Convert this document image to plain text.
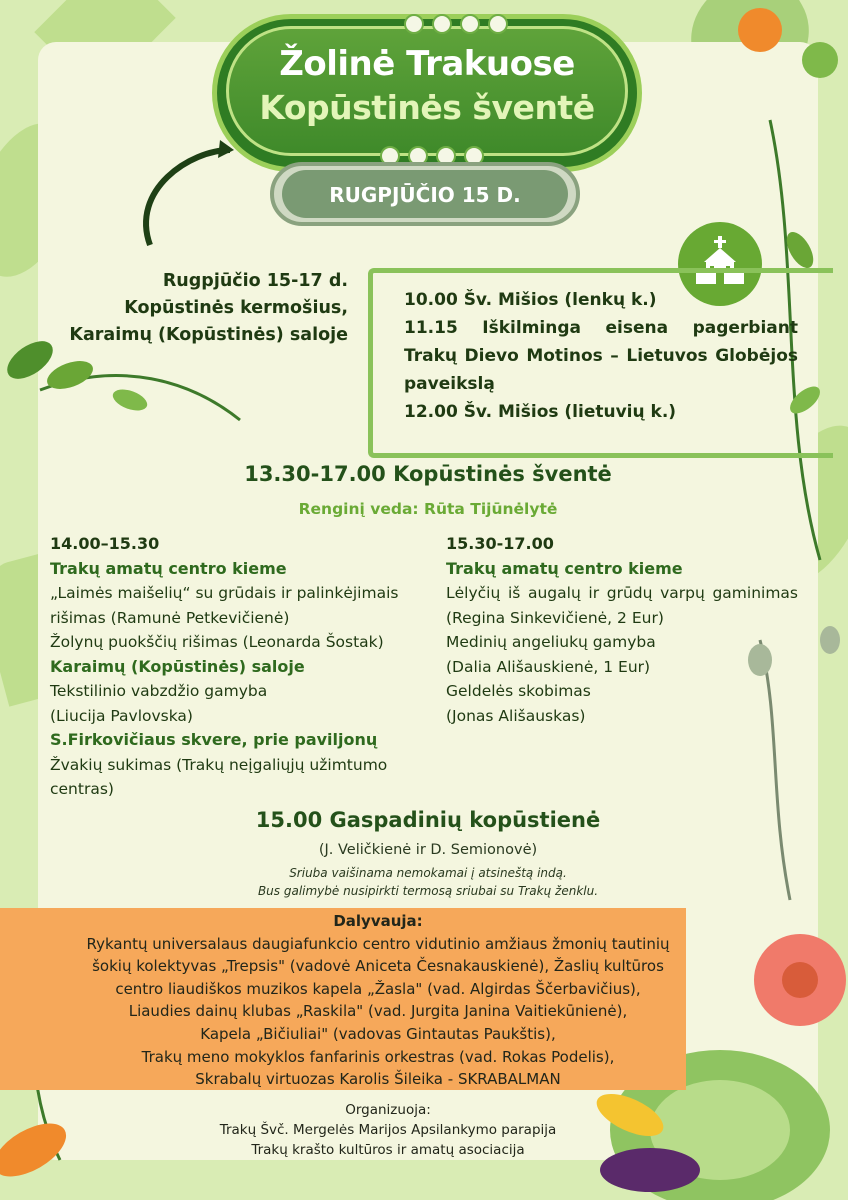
Žolinė Trakuose
Kopūstinės šventė
RUGPJŪČIO 15 D.
Rugpjūčio 15-17 d.
Kopūstinės kermošius,
Karaimų (Kopūstinės) saloje
10.00 Šv. Mišios (lenkų k.)
11.15 Iškilminga eisena pagerbiant Trakų Dievo Motinos – Lietuvos Globėjos paveikslą
12.00 Šv. Mišios (lietuvių k.)
13.30-17.00 Kopūstinės šventė
Renginį veda: Rūta Tijūnėlytė
14.00–15.30
Trakų amatų centro kieme
„Laimės maišelių“ su grūdais ir palinkėjimais rišimas (Ramunė Petkevičienė)
Žolynų puokščių rišimas (Leonarda Šostak)
Karaimų (Kopūstinės) saloje
Tekstilinio vabzdžio gamyba
(Liucija Pavlovska)
S.Firkovičiaus skvere, prie paviljonų
Žvakių sukimas (Trakų neįgaliųjų užimtumo centras)
15.30-17.00
Trakų amatų centro kieme
Lėlyčių iš augalų ir grūdų varpų gaminimas (Regina Sinkevičienė, 2 Eur)
Medinių angeliukų gamyba
(Dalia Ališauskienė, 1 Eur)
Geldelės skobimas
(Jonas Ališauskas)
15.00 Gaspadinių kopūstienė
(J. Veličkienė ir D. Semionovė)
Sriuba vaišinama nemokamai į atsineštą indą.
Bus galimybė nusipirkti termosą sriubai su Trakų ženklu.
Dalyvauja:
Rykantų universalaus daugiafunkcio centro vidutinio amžiaus žmonių tautinių
šokių kolektyvas „Trepsis" (vadovė Aniceta Česnakauskienė), Žaslių kultūros
centro liaudiškos muzikos kapela „Žasla" (vad. Algirdas Ščerbavičius),
Liaudies dainų klubas „Raskila" (vad. Jurgita Janina Vaitiekūnienė),
Kapela „Bičiuliai" (vadovas Gintautas Paukštis),
Trakų meno mokyklos fanfarinis orkestras (vad. Rokas Podelis),
Skrabalų virtuozas Karolis Šileika - SKRABALMAN
Organizuoja:
Trakų Švč. Mergelės Marijos Apsilankymo parapija
Trakų krašto kultūros ir amatų asociacija
